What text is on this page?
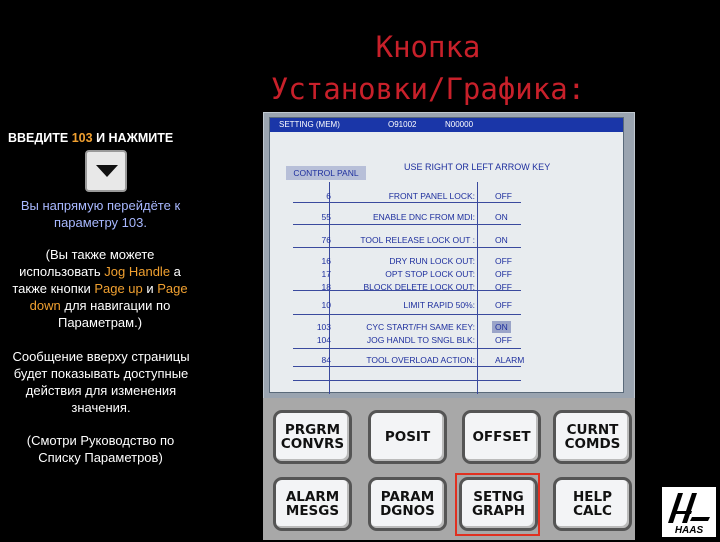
Кнопка
Установки/Графика:
ВВЕДИТЕ 103 И НАЖМИТЕ
Вы напрямую перейдёте к параметру 103.
(Вы также можете использовать Jog Handle а также кнопки Page up и Page down для навигации по Параметрам.)
Сообщение вверху страницы будет показывать доступные действия для изменения значения.
(Смотри Руководство по Списку Параметров)
SETTING (MEM)	O91002	N00000
CONTROL PANL
USE RIGHT OR LEFT ARROW KEY
6	FRONT PANEL LOCK: OFF
55	ENABLE DNC FROM MDI: ON
76	TOOL RELEASE LOCK OUT : ON
16	DRY RUN LOCK OUT: OFF
17	OPT STOP LOCK OUT: OFF
18	BLOCK DELETE LOCK OUT: OFF
10	LIMIT RAPID 50%: OFF
103	CYC START/FH SAME KEY:	ON
104	JOG HANDL TO SNGL BLK: OFF
84	TOOL OVERLOAD ACTION: ALARM
PRGRM
CONVRS	POSIT	OFFSET	CURNT
COMDS
ALARM
MESGS
PARAM
DGNOS
SETNG
GRAPH
HELP
CALC
HAAS
